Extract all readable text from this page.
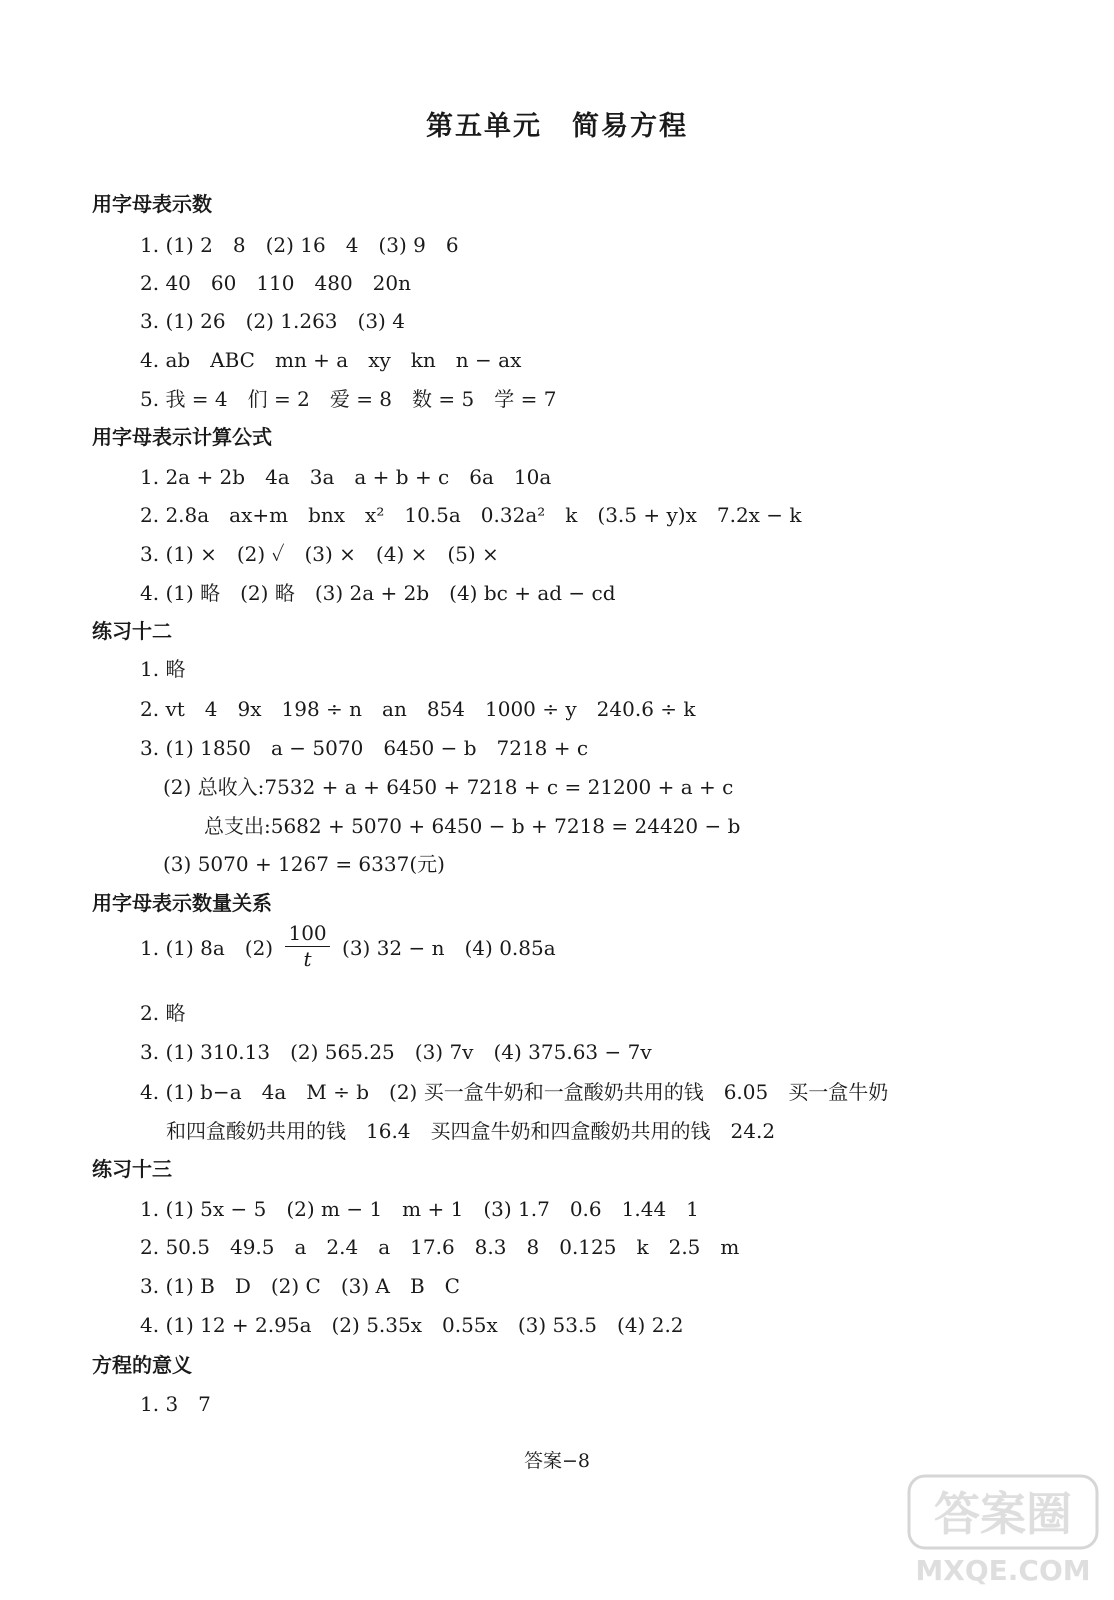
第五单元 简易方程
用字母表示数
1. (1) 2　8　(2) 16　4　(3) 9　6
2. 40　60　110　480　20n
3. (1) 26　(2) 1.263　(3) 4
4. ab　ABC　mn + a　xy　kn　n − ax
5. 我 = 4　们 = 2　爱 = 8　数 = 5　学 = 7
用字母表示计算公式
1. 2a + 2b　4a　3a　a + b + c　6a　10a
2. 2.8a　ax+m　bnx　x²　10.5a　0.32a²　k　(3.5 + y)x　7.2x − k
3. (1) ×　(2) ✓　(3) ×　(4) ×　(5) ×
4. (1) 略　(2) 略　(3) 2a + 2b　(4) bc + ad − cd
练习十二
1. 略
2. vt　4　9x　198 ÷ n　an　854　1000 ÷ y　240.6 ÷ k
3. (1) 1850　a − 5070　6450 − b　7218 + c
(2) 总收入:7532 + a + 6450 + 7218 + c = 21200 + a + c
总支出:5682 + 5070 + 6450 − b + 7218 = 24420 − b
(3) 5070 + 1267 = 6337(元)
用字母表示数量关系
1. (1) 8a　$(2) \frac{100}{t} (3) 32 - n$　(4) 0.85a
2. 略
3. (1) 310.13　(2) 565.25　(3) 7v　(4) 375.63 − 7v
4. (1) b−a　4a　M ÷ b　(2) 买一盒牛奶和一盒酸奶共用的钱　6.05　买一盒牛奶
和四盒酸奶共用的钱　16.4　买四盒牛奶和四盒酸奶共用的钱　24.2
练习十三
1. (1) 5x − 5　(2) m − 1　m + 1　(3) 1.7　0.6　1.44　1
2. 50.5　49.5　a　2.4　a　17.6　8.3　8　0.125　k　2.5　m
3. (1) B　D　(2) C　(3) A　B　C
4. (1) 12 + 2.95a　(2) 5.35x　0.55x　(3) 53.5　(4) 2.2
方程的意义
1. 3　7
答案−8
答案圈
MXQE.COM
